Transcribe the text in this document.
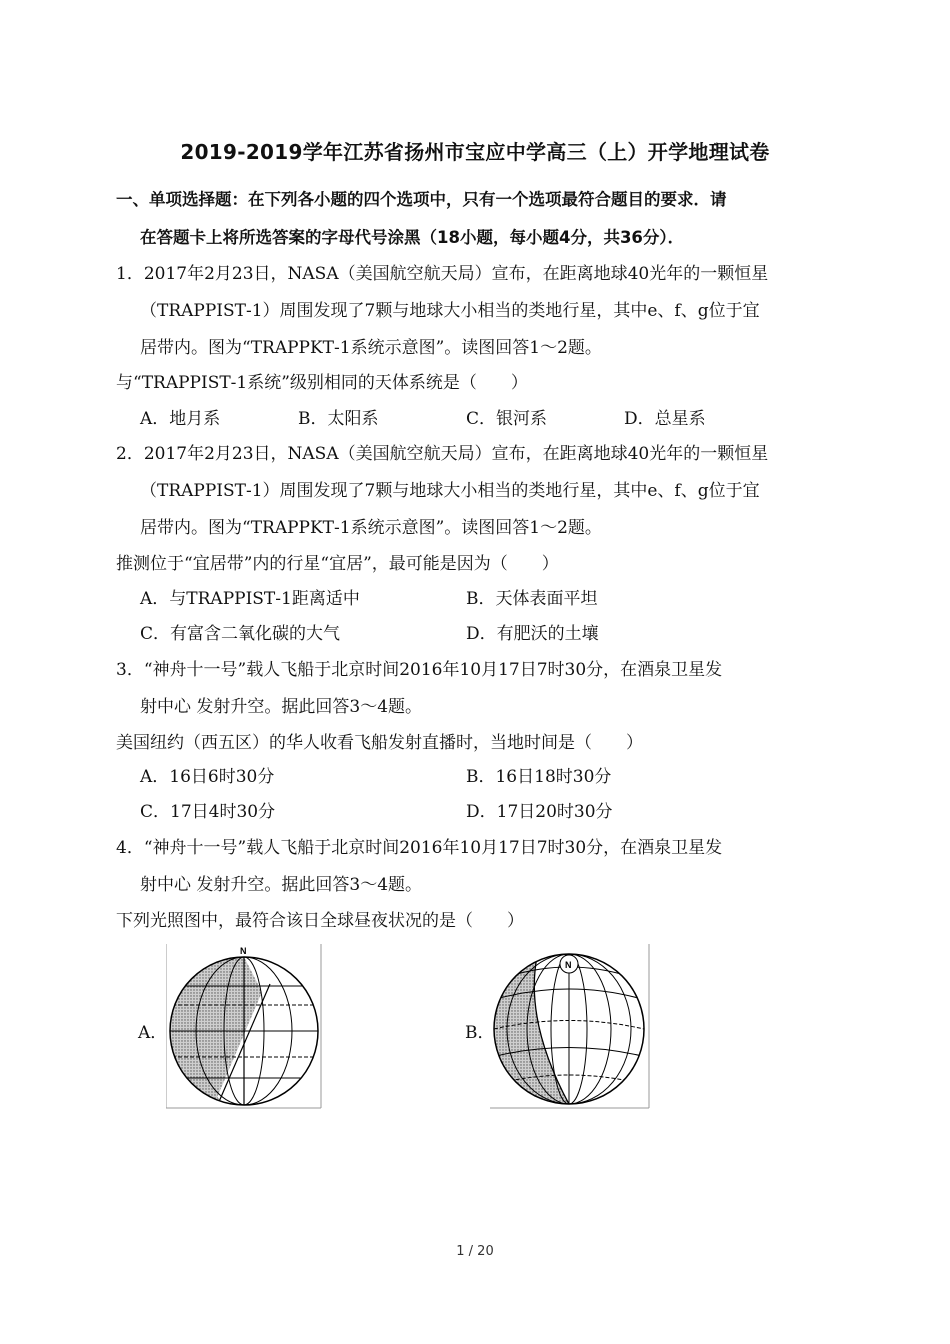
2019-2019学年江苏省扬州市宝应中学高三（上）开学地理试卷
一、单项选择题：在下列各小题的四个选项中，只有一个选项最符合题目的要求．请
在答题卡上将所选答案的字母代号涂黑（18小题，每小题4分，共36分）．
1．2017年2月23日，NASA（美国航空航天局）宣布，在距离地球40光年的一颗恒星
（TRAPPIST‐1）周围发现了7颗与地球大小相当的类地行星，其中e、f、g位于宜
居带内。图为“TRAPPKT‐1系统示意图”。读图回答1～2题。
与“TRAPPIST‐1系统”级别相同的天体系统是（　　）
A．地月系	B．太阳系	C．银河系	D．总星系
2．2017年2月23日，NASA（美国航空航天局）宣布，在距离地球40光年的一颗恒星
（TRAPPIST‐1）周围发现了7颗与地球大小相当的类地行星，其中e、f、g位于宜
居带内。图为“TRAPPKT‐1系统示意图”。读图回答1～2题。
推测位于“宜居带”内的行星“宜居”，最可能是因为（　　）
A．与TRAPPIST‐1距离适中	B．天体表面平坦
C．有富含二氧化碳的大气	D．有肥沃的土壤
3．“神舟十一号”载人飞船于北京时间2016年10月17日7时30分，在酒泉卫星发
射中心 发射升空。据此回答3～4题。
美国纽约（西五区）的华人收看飞船发射直播时，当地时间是（　　）
A．16日6时30分	B．16日18时30分
C．17日4时30分	D．17日20时30分
4．“神舟十一号”载人飞船于北京时间2016年10月17日7时30分，在酒泉卫星发
射中心 发射升空。据此回答3～4题。
下列光照图中，最符合该日全球昼夜状况的是（　　）
A．	B．
N
N
1 / 20
